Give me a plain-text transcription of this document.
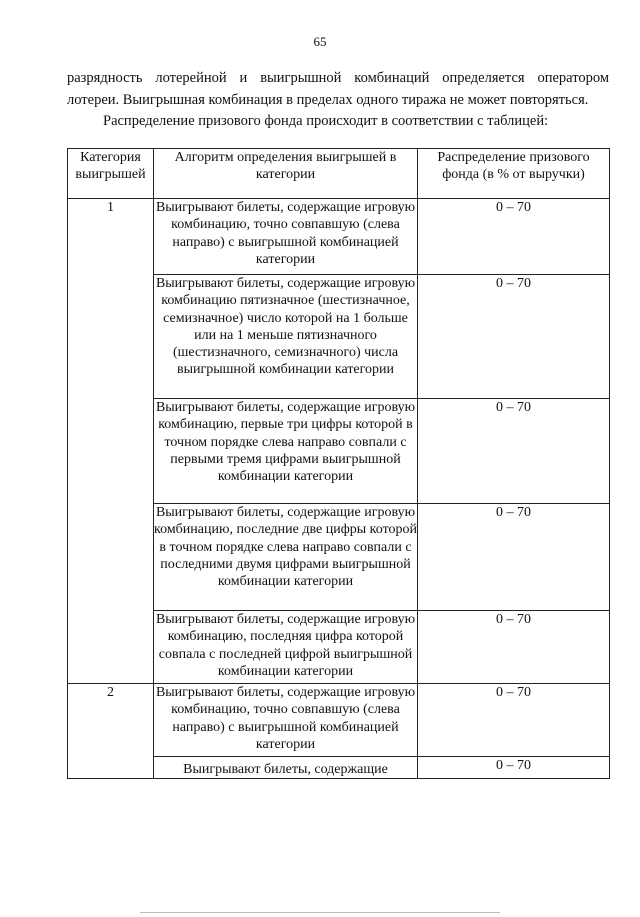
65

разрядность лотерейной и выигрышной комбинаций определяется оператором лотереи. Выигрышная комбинация в пределах одного тиража не может повторяться.

Распределение призового фонда происходит в соответствии с таблицей:

Категория выигрышей	Алгоритм определения выигрышей в категории	Распределение призового фонда (в % от выручки)
1	Выигрывают билеты, содержащие игровую комбинацию, точно совпавшую (слева направо) с выигрышной комбинацией категории	0 – 70
	Выигрывают билеты, содержащие игровую комбинацию пятизначное (шестизначное, семизначное) число которой на 1 больше или на 1 меньше пятизначного (шестизначного, семизначного) числа выигрышной комбинации категории	0 – 70
	Выигрывают билеты, содержащие игровую комбинацию, первые три цифры которой в точном порядке слева направо совпали с первыми тремя цифрами выигрышной комбинации категории	0 – 70
	Выигрывают билеты, содержащие игровую комбинацию, последние две цифры которой в точном порядке слева направо совпали с последними двумя цифрами выигрышной комбинации категории	0 – 70
	Выигрывают билеты, содержащие игровую комбинацию, последняя цифра которой совпала с последней цифрой выигрышной комбинации категории	0 – 70
2	Выигрывают билеты, содержащие игровую комбинацию, точно совпавшую (слева направо) с выигрышной комбинацией категории	0 – 70
	Выигрывают билеты, содержащие	0 – 70
